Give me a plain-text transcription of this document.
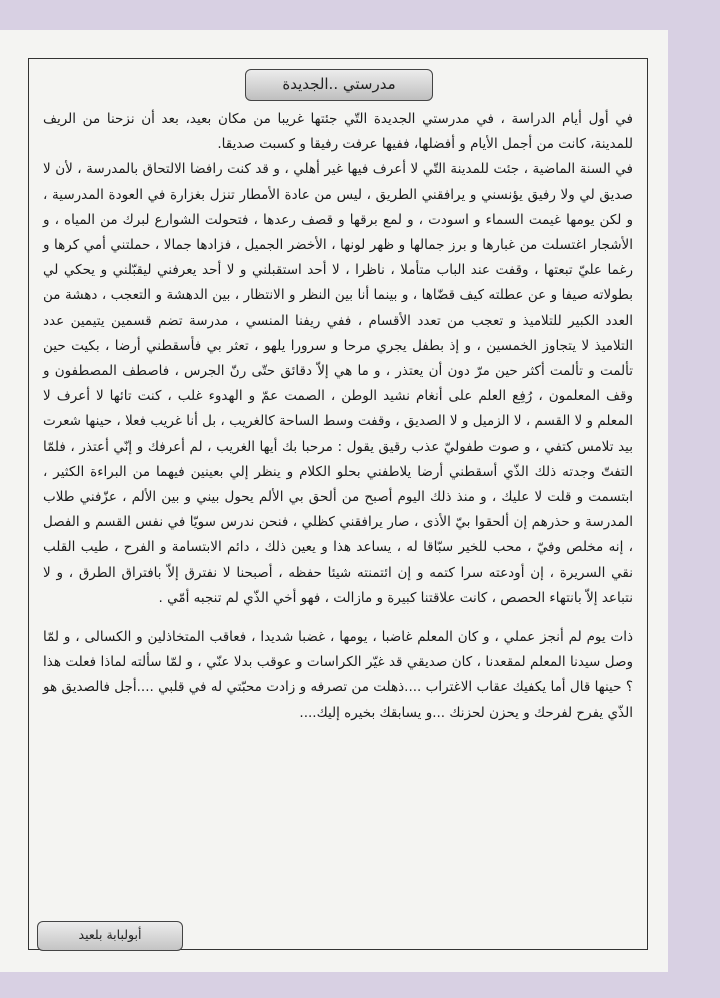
مدرستي ..الجديدة

في أول أيام الدراسة ، في مدرستي الجديدة التّي جئتها غريبا من مكان بعيد، بعد أن نزحنا من الريف للمدينة، كانت من أجمل الأيام و أفضلها، ففيها عرفت رفيقا و كسبت صديقا.

في السنة الماضية ، جئت للمدينة التّي لا أعرف فيها غير أهلي ، و قد كنت رافضا الالتحاق بالمدرسة ، لأن لا صديق لي ولا رفيق يؤنسني و يرافقني الطريق ، ليس من عادة الأمطار تنزل بغزارة في العودة المدرسية ، و لكن يومها غيمت السماء و اسودت ، و لمع برقها و قصف رعدها ، فتحولت الشوارع لبرك من المياه ، و الأشجار اغتسلت من غبارها و برز جمالها و ظهر لونها ، الأخضر الجميل ، فزادها جمالا ، حملتني أمي كرها و رغما عليّ تبعتها ، وقفت عند الباب متأملا ، ناظرا ، لا أحد استقبلني و لا أحد يعرفني ليقبّلني و يحكي لي بطولاته صيفا و عن عطلته كيف قضّاها ، و بينما أنا بين النظر و الانتظار ، بين الدهشة و التعجب ، دهشة من العدد الكبير للتلاميذ و تعجب من تعدد الأقسام ، ففي ريفنا المنسي ، مدرسة تضم قسمين يتيمين عدد التلاميذ لا يتجاوز الخمسين ، و إذ بطفل يجري مرحا و سرورا يلهو ، تعثر بي فأسقطني أرضا ، بكيت حين تألمت و تألمت أكثر حين مرّ دون أن يعتذر ، و ما هي إلاّ دقائق حتّى رنّ الجرس ، فاصطف المصطفون و وقف المعلمون ، رُفِع العلم على أنغام نشيد الوطن ، الصمت عمّ و الهدوء غلب ، كنت تائها لا أعرف لا المعلم و لا القسم ، لا الزميل و لا الصديق ، وقفت وسط الساحة كالغريب ، بل أنا غريب فعلا ، حينها شعرت بيد تلامس كتفي ، و صوت طفوليّ عذب رقيق يقول : مرحبا بك أيها الغريب ، لم أعرفك و إنّي أعتذر ، فلمّا التفتّ وجدته ذلك الذّي أسقطني أرضا يلاطفني بحلو الكلام و ينظر إلي بعينين فيهما من البراءة الكثير ، ابتسمت و قلت لا عليك ، و منذ ذلك اليوم أصبح من ألحق بي الألم يحول بيني و بين الألم ، عزّفني طلاب المدرسة و حذرهم إن ألحقوا بيّ الأذى ، صار يرافقني كظلي ، فنحن ندرس سويّا في نفس القسم و الفصل ، إنه مخلص وفيّ ، محب للخير سبّاقا له ، يساعد هذا و يعين ذلك ، دائم الابتسامة و الفرح ، طيب القلب نقي السريرة ، إن أودعته سرا كتمه و إن ائتمنته شيئا حفظه ، أصبحنا لا نفترق إلاّ بافتراق الطرق ، و لا نتباعد إلاّ بانتهاء الحصص ، كانت علاقتنا كبيرة و مازالت ، فهو أخي الذّي لم تنجبه أمّي .

ذات يوم لم أنجز عملي ، و كان المعلم غاضبا ، يومها ، غضبا شديدا ، فعاقب المتخاذلين و الكسالى ، و لمّا وصل سيدنا المعلم لمقعدنا ، كان صديقي قد غيّر الكراسات و عوقب بدلا عنّي ، و لمّا سألته لماذا فعلت هذا ؟ حينها قال أما يكفيك عقاب الاغتراب ....ذهلت من تصرفه و زادت محبّتي له في قلبي ....أجل فالصديق هو الذّي يفرح لفرحك و يحزن لحزنك ...و يسابقك بخيره إليك....

أبولبابة بلعيد
